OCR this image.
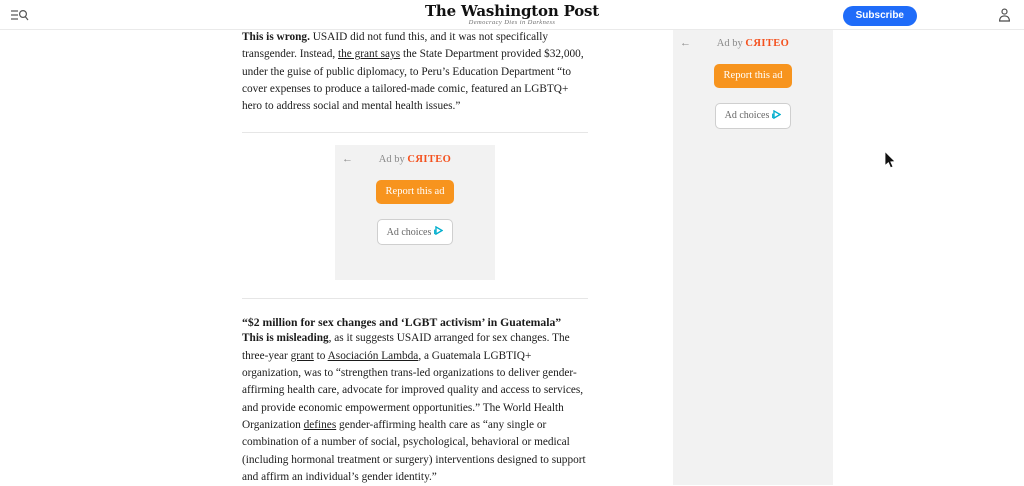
The Washington Post
Democracy Dies in Darkness
Subscribe

This is wrong. USAID did not fund this, and it was not specifically transgender. Instead, the grant says the State Department provided $32,000, under the guise of public diplomacy, to Peru’s Education Department “to cover expenses to produce a tailored-made comic, featured an LGBTQ+ hero to address social and mental health issues.”

← Ad by CЯITEO
Report this ad
Ad choices
“$2 million for sex changes and ‘LGBT activism’ in Guatemala”

This is misleading, as it suggests USAID arranged for sex changes. The three-year grant to Asociación Lambda, a Guatemala LGBTIQ+ organization, was to “strengthen trans-led organizations to deliver gender-affirming health care, advocate for improved quality and access to services, and provide economic empowerment opportunities.” The World Health Organization defines gender-affirming health care as “any single or combination of a number of social, psychological, behavioral or medical (including hormonal treatment or surgery) interventions designed to support and affirm an individual’s gender identity.”

← Ad by CЯITEO
Report this ad
Ad choices
